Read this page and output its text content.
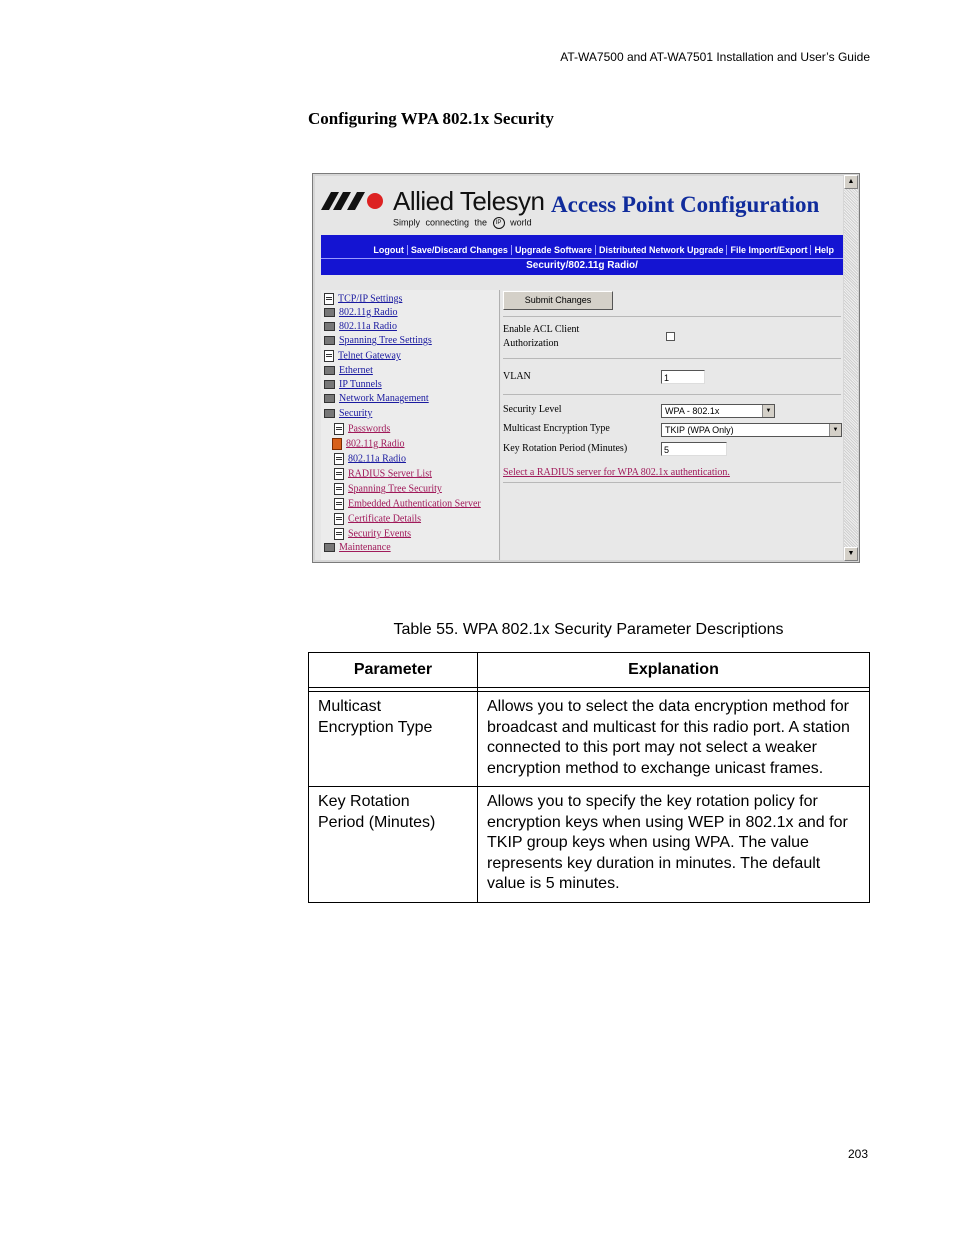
AT-WA7500 and AT-WA7501 Installation and User’s Guide
Configuring WPA 802.1x Security
Allied Telesyn
Simply connecting the IP world
Access Point Configuration
Logout Save/Discard Changes Upgrade Software Distributed Network Upgrade File Import/Export Help
Security/802.11g Radio/
TCP/IP Settings
802.11g Radio
802.11a Radio
Spanning Tree Settings
Telnet Gateway
Ethernet
IP Tunnels
Network Management
Security
Passwords
802.11g Radio
802.11a Radio
RADIUS Server List
Spanning Tree Security
Embedded Authentication Server
Certificate Details
Security Events
Maintenance
Submit Changes
Enable ACL Client
Authorization
VLAN	1
Security Level	WPA - 802.1x	▼
Multicast Encryption Type	TKIP (WPA Only)	▼
Key Rotation Period (Minutes)	5
Select a RADIUS server for WPA 802.1x authentication.
▲
▼
Table 55. WPA 802.1x Security Parameter Descriptions
Parameter	Explanation

Multicast
Encryption Type	Allows you to select the data encryption method for broadcast and multicast for this radio port. A station connected to this port may not select a weaker encryption method to exchange unicast frames.
Key Rotation
Period (Minutes)	Allows you to specify the key rotation policy for encryption keys when using WEP in 802.1x and for TKIP group keys when using WPA. The value represents key duration in minutes. The default value is 5 minutes.
203
